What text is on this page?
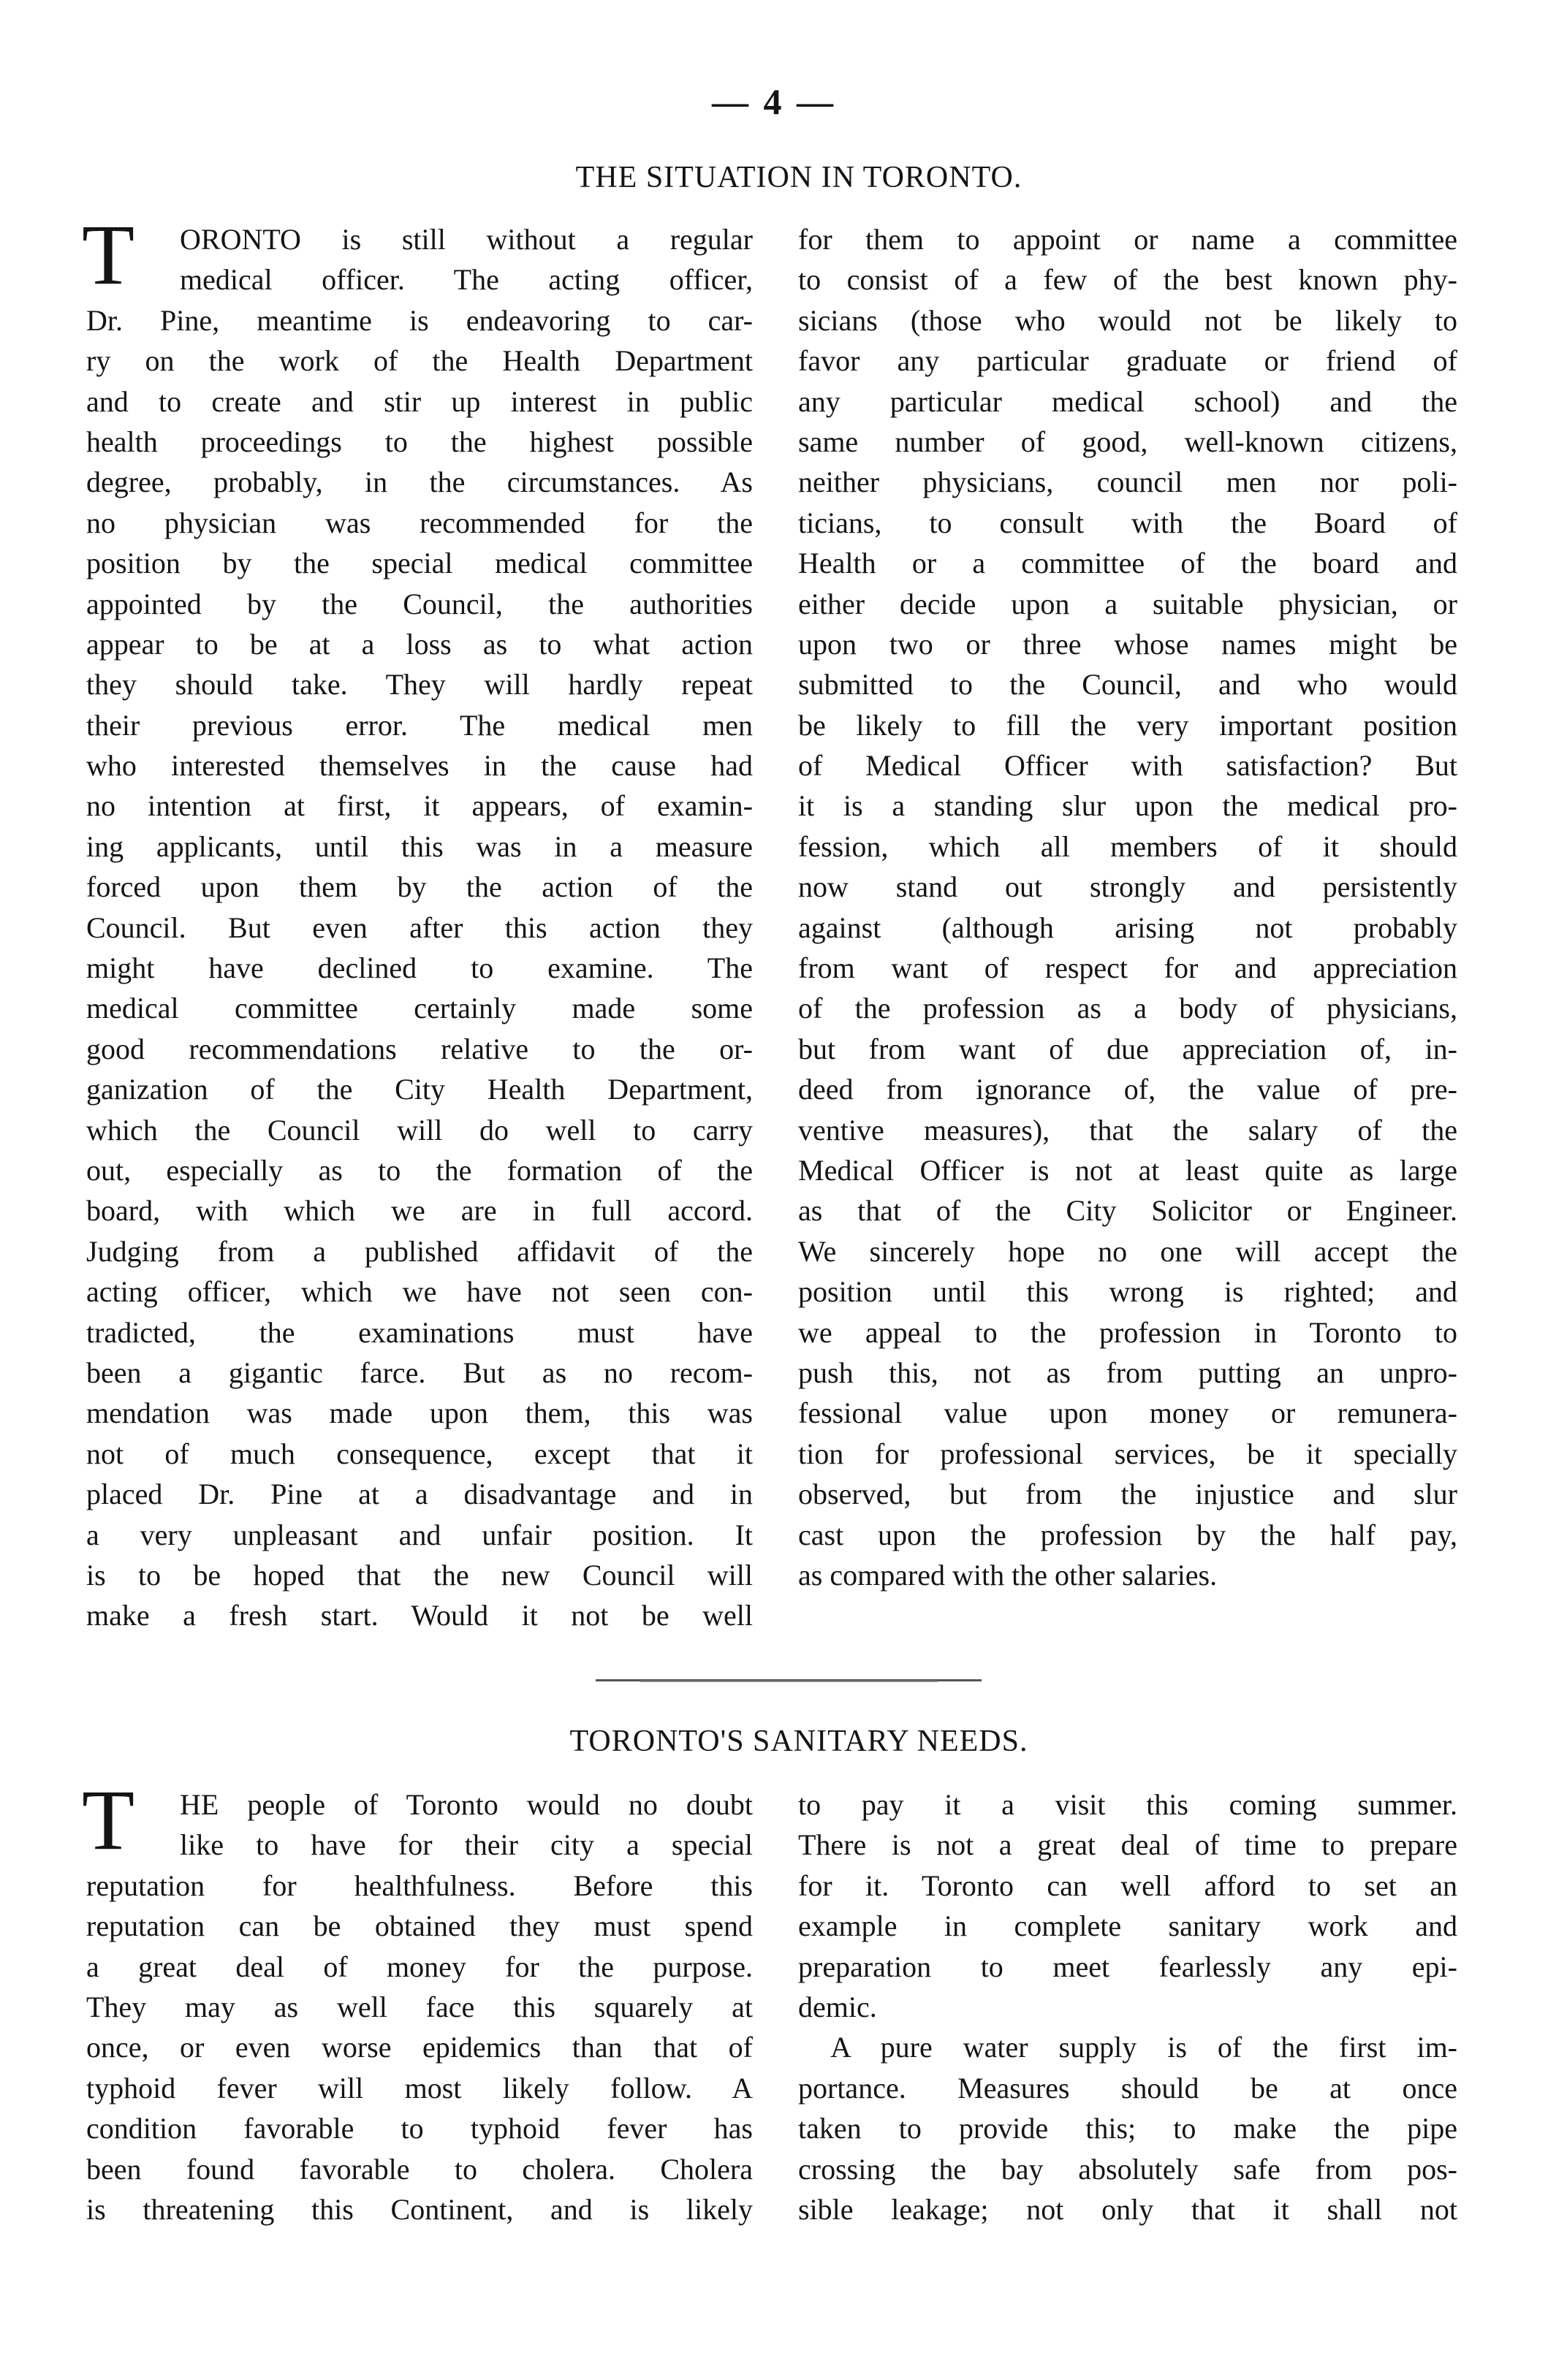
— 4 —
THE SITUATION IN TORONTO.
T	ORONTO is still without a regular
medical officer. The acting officer,
Dr. Pine, meantime is endeavoring to car-
ry on the work of the Health Department
and to create and stir up interest in public
health proceedings to the highest possible
degree, probably, in the circumstances. As
no physician was recommended for the
position by the special medical committee
appointed by the Council, the authorities
appear to be at a loss as to what action
they should take. They will hardly repeat
their previous error. The medical men
who interested themselves in the cause had
no intention at first, it appears, of examin-
ing applicants, until this was in a measure
forced upon them by the action of the
Council. But even after this action they
might have declined to examine. The
medical committee certainly made some
good recommendations relative to the or-
ganization of the City Health Department,
which the Council will do well to carry
out, especially as to the formation of the
board, with which we are in full accord.
Judging from a published affidavit of the
acting officer, which we have not seen con-
tradicted, the examinations must have
been a gigantic farce. But as no recom-
mendation was made upon them, this was
not of much consequence, except that it
placed Dr. Pine at a disadvantage and in
a very unpleasant and unfair position. It
is to be hoped that the new Council will
make a fresh start. Would it not be well
for them to appoint or name a committee
to consist of a few of the best known phy-
sicians (those who would not be likely to
favor any particular graduate or friend of
any particular medical school) and the
same number of good, well-known citizens,
neither physicians, council men nor poli-
ticians, to consult with the Board of
Health or a committee of the board and
either decide upon a suitable physician, or
upon two or three whose names might be
submitted to the Council, and who would
be likely to fill the very important position
of Medical Officer with satisfaction? But
it is a standing slur upon the medical pro-
fession, which all members of it should
now stand out strongly and persistently
against (although arising not probably
from want of respect for and appreciation
of the profession as a body of physicians,
but from want of due appreciation of, in-
deed from ignorance of, the value of pre-
ventive measures), that the salary of the
Medical Officer is not at least quite as large
as that of the City Solicitor or Engineer.
We sincerely hope no one will accept the
position until this wrong is righted; and
we appeal to the profession in Toronto to
push this, not as from putting an unpro-
fessional value upon money or remunera-
tion for professional services, be it specially
observed, but from the injustice and slur
cast upon the profession by the half pay,
as compared with the other salaries.
TORONTO'S SANITARY NEEDS.
T	HE people of Toronto would no doubt
like to have for their city a special
reputation for healthfulness. Before this
reputation can be obtained they must spend
a great deal of money for the purpose.
They may as well face this squarely at
once, or even worse epidemics than that of
typhoid fever will most likely follow. A
condition favorable to typhoid fever has
been found favorable to cholera. Cholera
is threatening this Continent, and is likely
to pay it a visit this coming summer.
There is not a great deal of time to prepare
for it. Toronto can well afford to set an
example in complete sanitary work and
preparation to meet fearlessly any epi-
demic.
A pure water supply is of the first im-
portance. Measures should be at once
taken to provide this; to make the pipe
crossing the bay absolutely safe from pos-
sible leakage; not only that it shall not
